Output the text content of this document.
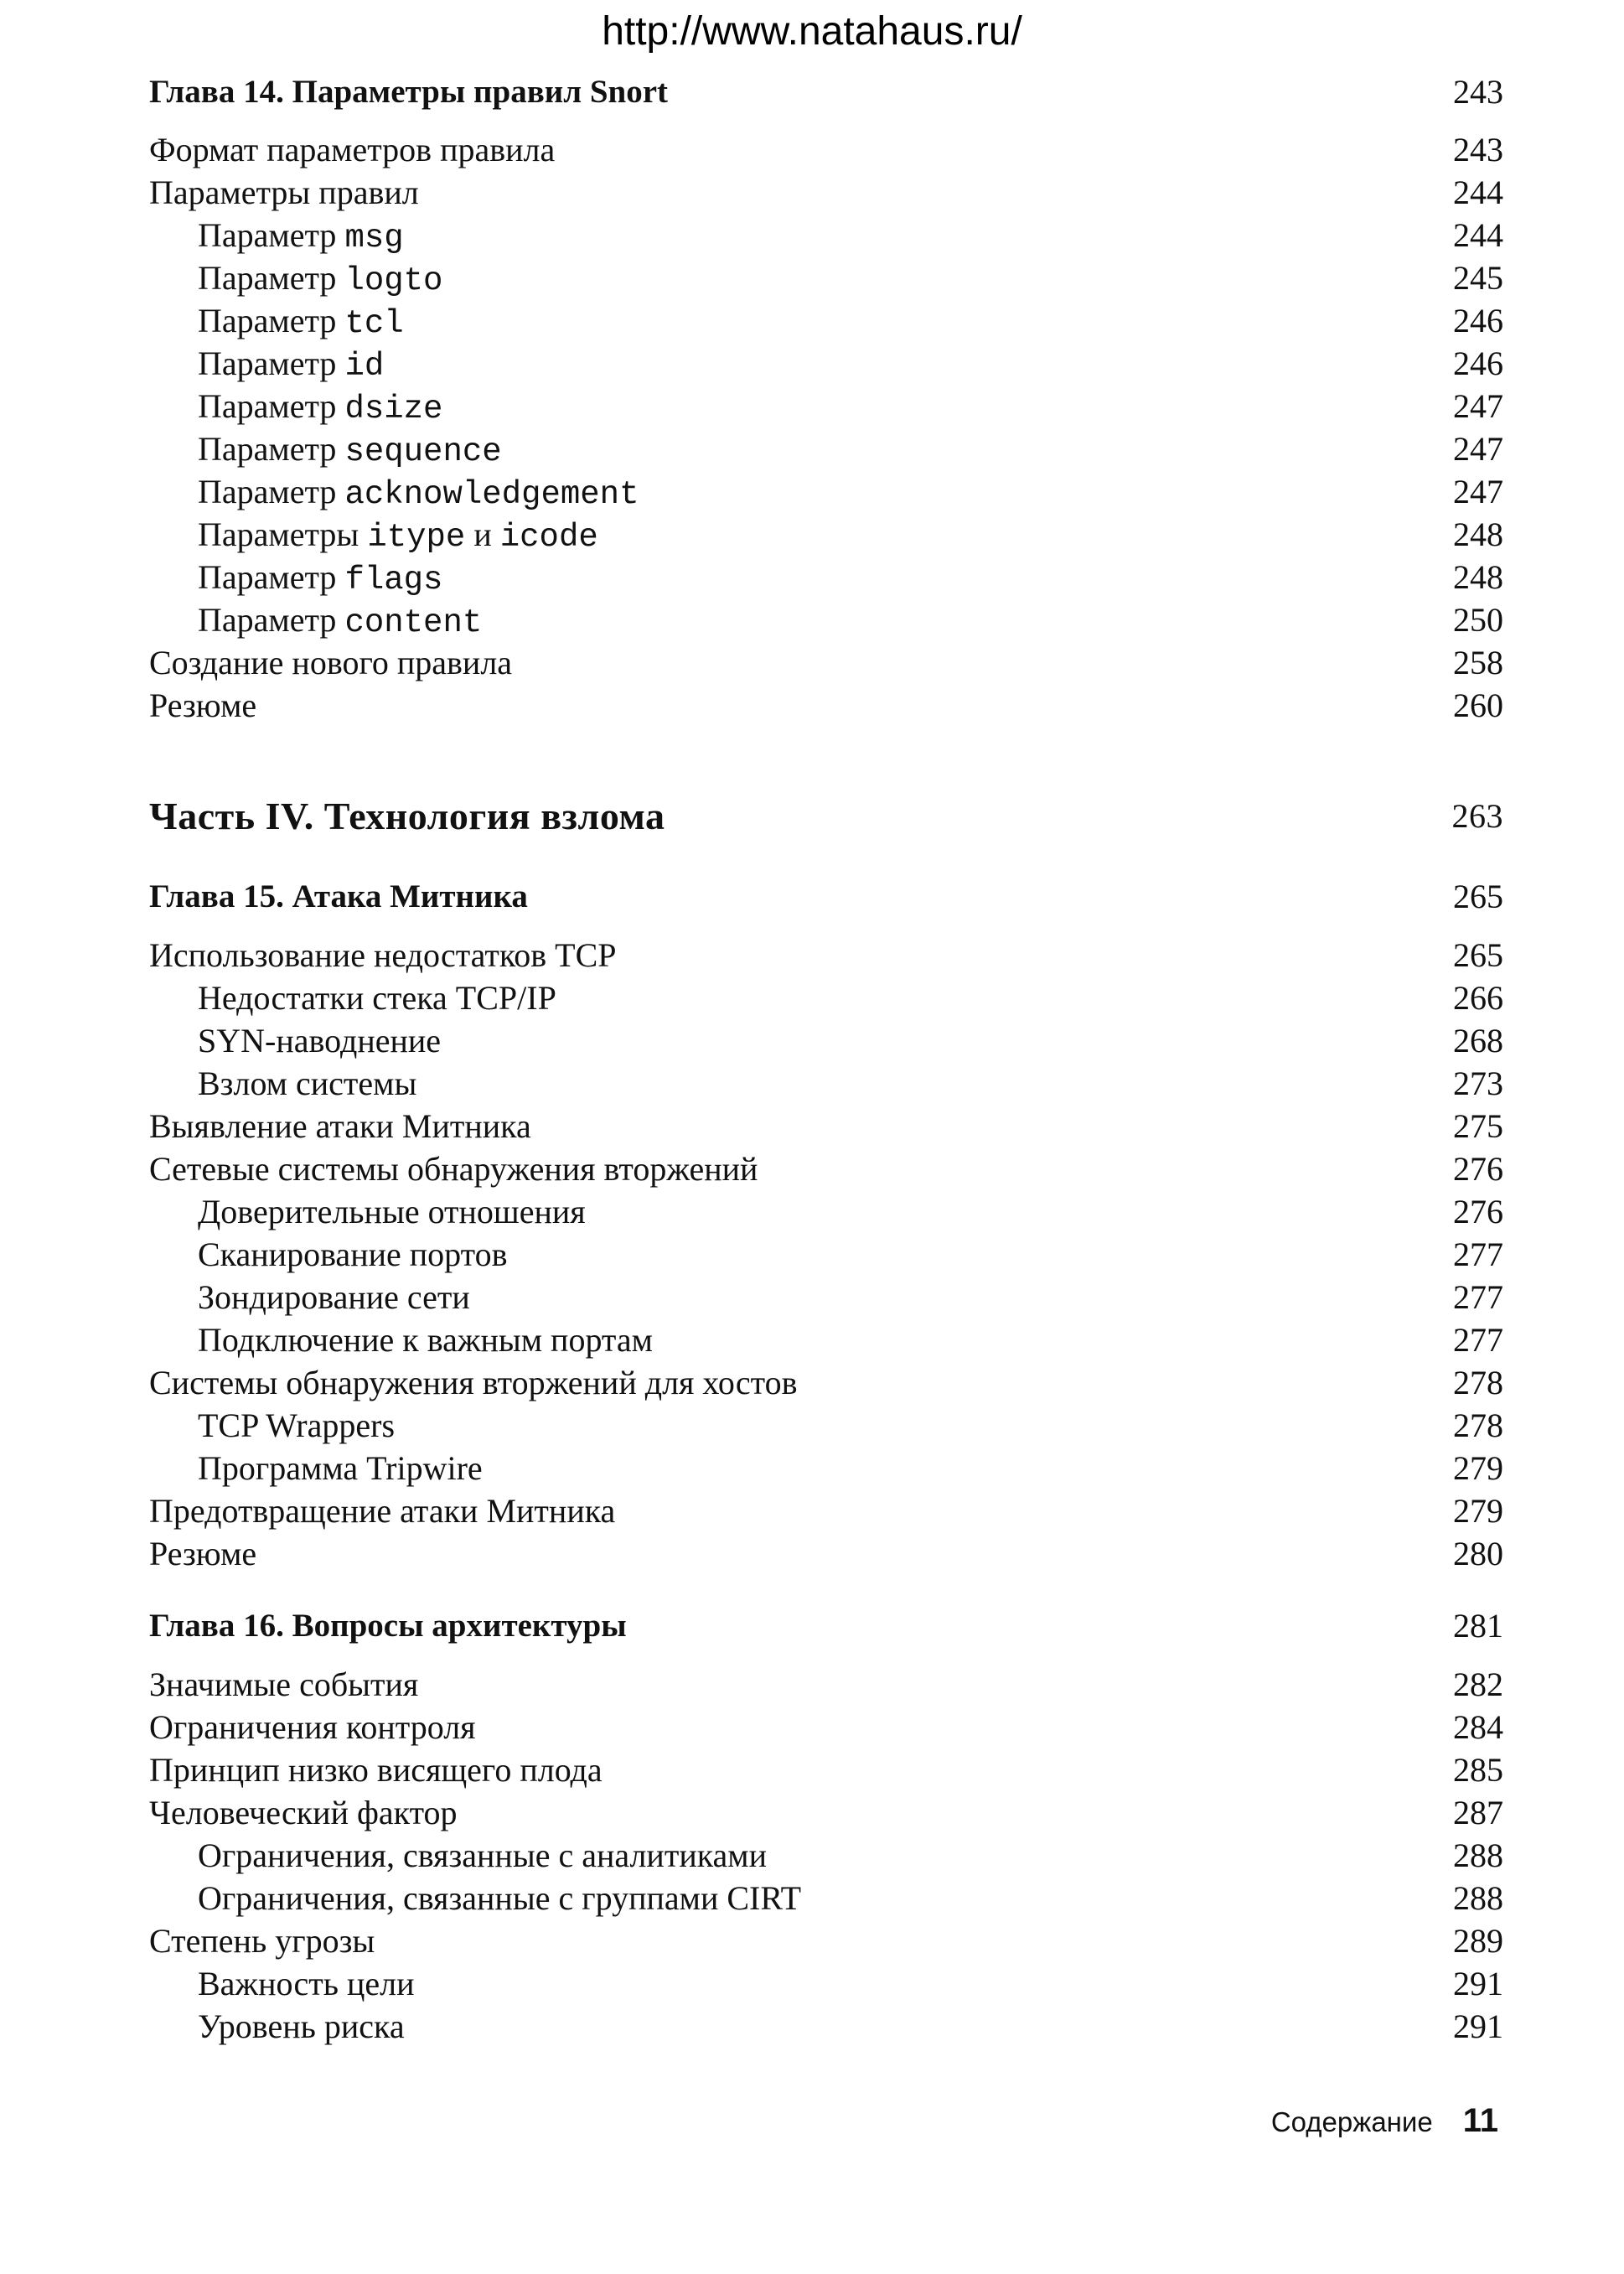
http://www.natahaus.ru/
Глава 14. Параметры правил Snort	243
Формат параметров правила	243
Параметры правил	244
Параметр msg	244
Параметр logto	245
Параметр tcl	246
Параметр id	246
Параметр dsize	247
Параметр sequence	247
Параметр acknowledgement	247
Параметры itype и icode	248
Параметр flags	248
Параметр content	250
Создание нового правила	258
Резюме	260
Часть IV. Технология взлома	263
Глава 15. Атака Митника	265
Использование недостатков TCP	265
Недостатки стека TCP/IP	266
SYN-наводнение	268
Взлом системы	273
Выявление атаки Митника	275
Сетевые системы обнаружения вторжений	276
Доверительные отношения	276
Сканирование портов	277
Зондирование сети	277
Подключение к важным портам	277
Системы обнаружения вторжений для хостов	278
TCP Wrappers	278
Программа Tripwire	279
Предотвращение атаки Митника	279
Резюме	280
Глава 16. Вопросы архитектуры	281
Значимые события	282
Ограничения контроля	284
Принцип низко висящего плода	285
Человеческий фактор	287
Ограничения, связанные с аналитиками	288
Ограничения, связанные с группами CIRT	288
Степень угрозы	289
Важность цели	291
Уровень риска	291
Содержание 11
